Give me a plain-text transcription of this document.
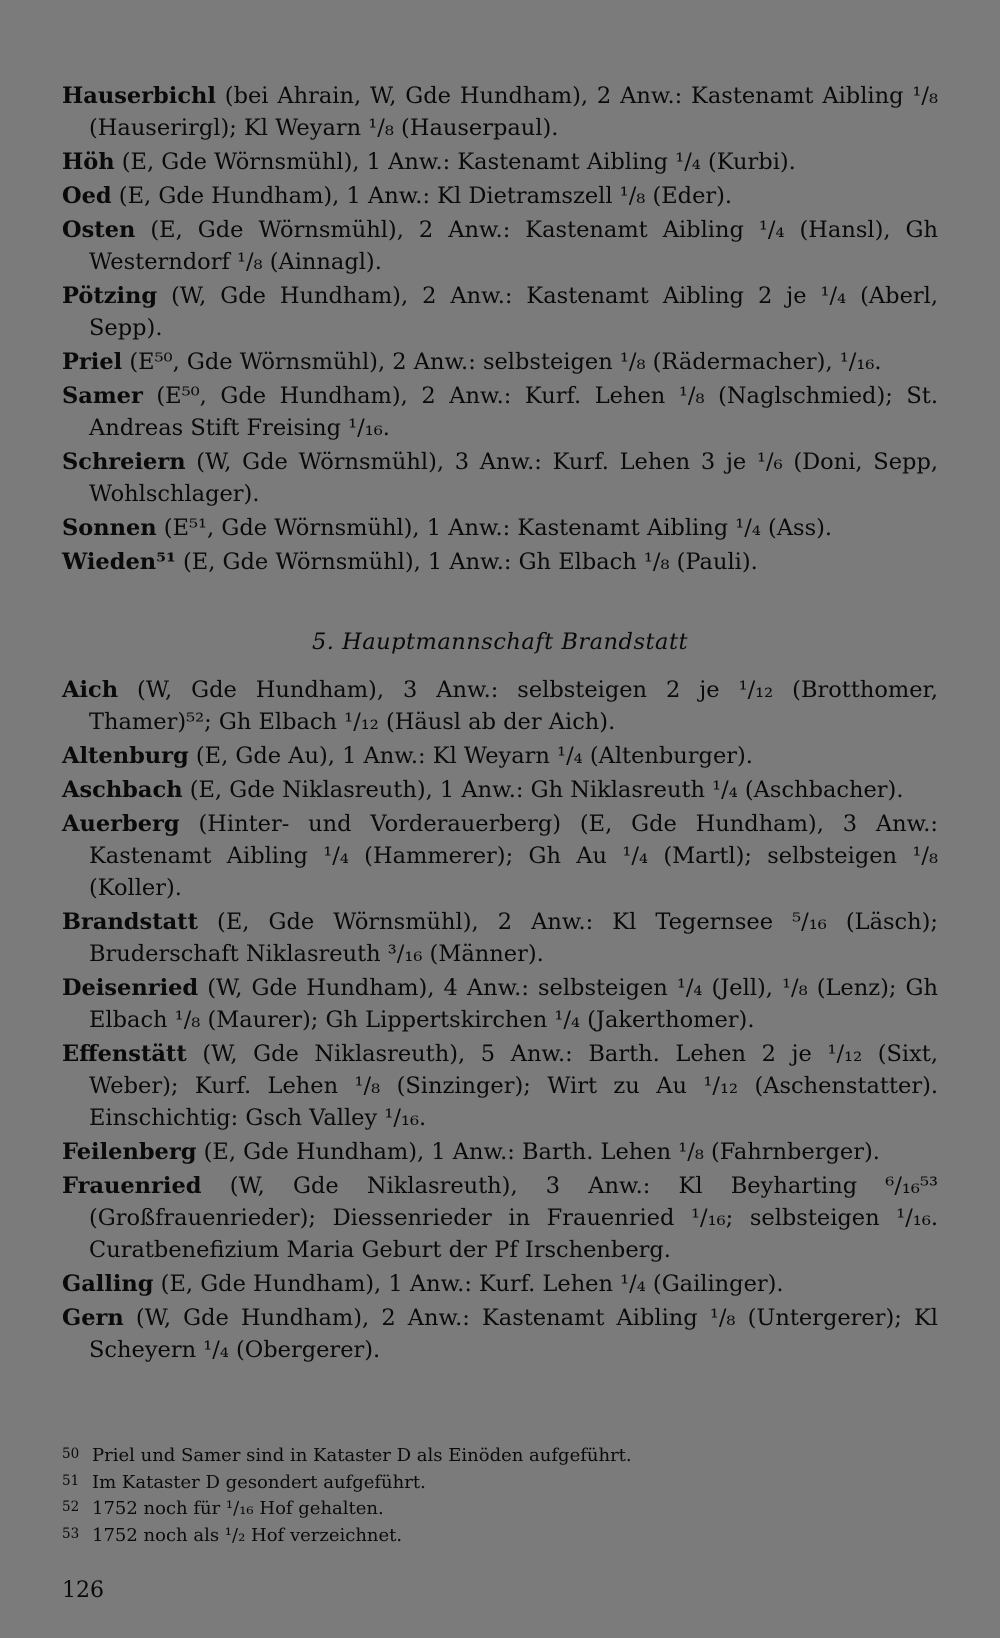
Hauserbichl (bei Ahrain, W, Gde Hundham), 2 Anw.: Kastenamt Aibling ¹/₈ (Hauserirgl); Kl Weyarn ¹/₈ (Hauserpaul).

Höh (E, Gde Wörnsmühl), 1 Anw.: Kastenamt Aibling ¹/₄ (Kurbi).

Oed (E, Gde Hundham), 1 Anw.: Kl Dietramszell ¹/₈ (Eder).

Osten (E, Gde Wörnsmühl), 2 Anw.: Kastenamt Aibling ¹/₄ (Hansl), Gh Westerndorf ¹/₈ (Ainnagl).

Pötzing (W, Gde Hundham), 2 Anw.: Kastenamt Aibling 2 je ¹/₄ (Aberl, Sepp).

Priel (E⁵⁰, Gde Wörnsmühl), 2 Anw.: selbsteigen ¹/₈ (Rädermacher), ¹/₁₆.

Samer (E⁵⁰, Gde Hundham), 2 Anw.: Kurf. Lehen ¹/₈ (Naglschmied); St. Andreas Stift Freising ¹/₁₆.

Schreiern (W, Gde Wörnsmühl), 3 Anw.: Kurf. Lehen 3 je ¹/₆ (Doni, Sepp, Wohlschlager).

Sonnen (E⁵¹, Gde Wörnsmühl), 1 Anw.: Kastenamt Aibling ¹/₄ (Ass).

Wieden⁵¹ (E, Gde Wörnsmühl), 1 Anw.: Gh Elbach ¹/₈ (Pauli).

5. Hauptmannschaft Brandstatt

Aich (W, Gde Hundham), 3 Anw.: selbsteigen 2 je ¹/₁₂ (Brotthomer, Thamer)⁵²; Gh Elbach ¹/₁₂ (Häusl ab der Aich).

Altenburg (E, Gde Au), 1 Anw.: Kl Weyarn ¹/₄ (Altenburger).

Aschbach (E, Gde Niklasreuth), 1 Anw.: Gh Niklasreuth ¹/₄ (Aschbacher).

Auerberg (Hinter- und Vorderauerberg) (E, Gde Hundham), 3 Anw.: Kastenamt Aibling ¹/₄ (Hammerer); Gh Au ¹/₄ (Martl); selbsteigen ¹/₈ (Koller).

Brandstatt (E, Gde Wörnsmühl), 2 Anw.: Kl Tegernsee ⁵/₁₆ (Läsch); Bruderschaft Niklasreuth ³/₁₆ (Männer).

Deisenried (W, Gde Hundham), 4 Anw.: selbsteigen ¹/₄ (Jell), ¹/₈ (Lenz); Gh Elbach ¹/₈ (Maurer); Gh Lippertskirchen ¹/₄ (Jakerthomer).

Effenstätt (W, Gde Niklasreuth), 5 Anw.: Barth. Lehen 2 je ¹/₁₂ (Sixt, Weber); Kurf. Lehen ¹/₈ (Sinzinger); Wirt zu Au ¹/₁₂ (Aschenstatter). Einschichtig: Gsch Valley ¹/₁₆.

Feilenberg (E, Gde Hundham), 1 Anw.: Barth. Lehen ¹/₈ (Fahrnberger).

Frauenried (W, Gde Niklasreuth), 3 Anw.: Kl Beyharting ⁶/₁₆⁵³ (Großfrauenrieder); Diessenrieder in Frauenried ¹/₁₆; selbsteigen ¹/₁₆. Curatbenefizium Maria Geburt der Pf Irschenberg.

Galling (E, Gde Hundham), 1 Anw.: Kurf. Lehen ¹/₄ (Gailinger).

Gern (W, Gde Hundham), 2 Anw.: Kastenamt Aibling ¹/₈ (Untergerer); Kl Scheyern ¹/₄ (Obergerer).

50 Priel und Samer sind in Kataster D als Einöden aufgeführt.

51 Im Kataster D gesondert aufgeführt.

52 1752 noch für ¹/₁₆ Hof gehalten.

53 1752 noch als ¹/₂ Hof verzeichnet.

126
